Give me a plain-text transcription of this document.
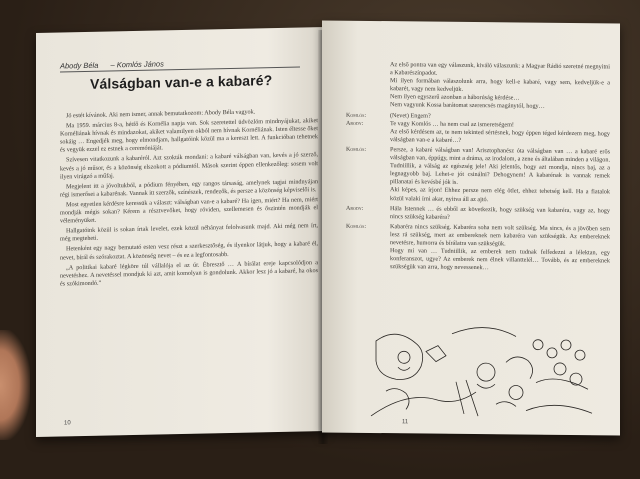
Abody Béla – Komlós János
Válságban van-e a kabaré?

Jó estét kívánok. Aki nem ismer, annak bemutatkozom: Abody Béla vagyok.

Ma 1959. március 8-a, hétfő és Kornélia napja van. Sok szeretettel üdvözlöm mindnyájukat, akiket Kornéliának hívnak és mindazokat, akiket valamilyen okból nem hívnak Kornéliának. Isten éltesse őket sokáig … Engedjék meg, hogy elmondjam, hallgatóink közül ma a kereszt lett. A funkcióban tehetnek és vegyük ezzel ez estnek a ceremóniáját.

Szívesen vitatkozunk a kabaréról. Azt szokták mondani: a kabaré válságban van, kevés a jó szerző, kevés a jó műsor, és a közönség elszokott a pódiumtól. Mások szerint éppen ellenkezőleg: sosem volt ilyen virágzó a műfaj.

Megjelent itt a jóvoltukból, a pódium fényében, egy rangos társaság, amelynek tagjai mindnyájan régi ismerősei a kabarénak. Vannak itt szerzők, színészek, rendezők, és persze a közönség képviselői is.

Most egyetlen kérdésre keressük a választ: válságban van-e a kabaré? Ha igen, miért? Ha nem, miért mondják mégis sokan? Kérem a résztvevőket, hogy röviden, szellemesen és őszintén mondják el véleményüket.

Hallgatóink közül is sokan írtak levelet, ezek közül néhányat felolvasunk majd. Aki még nem írt, még megteheti.

Hetenként egy nagy bemutató esten vesz részt a szerkesztőség, és ilyenkor látjuk, hogy a kabaré él, nevet, bírál és szórakoztat. A közönség nevet – és ez a legfontosabb.

„A politikai kabaré légköre túl vállalója el az úr. Ébresztő … A bírálat ereje kapcsolódjon a nevetéshez. A nevetéssel mondjuk ki azt, amit komolyan is gondolunk. Akkor lesz jó a kabaré, ha okos és szókimondó.”

10
Az első pontra van egy válaszunk, kiváló válaszunk: a Magyar Rádió szeretné megnyitni a Kabarészínpadot.
Mi ilyen formában válaszolunk arra, hogy kell-e kabaré, vagy sem, kedveljük-e a kabarét, vagy nem kedveljük.
Nem ilyen egyszerű azonban a háborúság kérdése…
Nem vagyunk Kossa barátomat szerencsés magánytól, hogy…
Komlós:	(Nevet) Engem?
Abody:	Te vagy Komlós … ha nem csal az ismeretségem!
Az első kérdésem az, te nem tekinted sértésnek, hogy éppen téged kérdezem meg, hogy válságban van-e a kabaré…?
Komlós:	Persze, a kabaré válságban van! Arisztophanész óta válságban van … a kabaré erős válságban van, éppúgy, mint a dráma, az irodalom, a zene és általában minden a világon. Tudniillik, a válság az egészség jele! Aki jelentős, hogy azt mondja, nincs baj, az a legnagyobb baj. Lehet-e jót csinálni? Dehogynem! A kabarénak is vannak remek pillanatai és kevésbé jók is.
Aki képes, az írjon! Ehhez persze nem elég ötlet, ehhez tehetség kell. Ha a fiatalok közül valaki írni akar, nyitva áll az ajtó.
Abody:	Hála Istennek … és ebből az következik, hogy szükség van kabaréra, vagy az, hogy nincs szükség kabaréra?
Komlós:	Kabaréra nincs szükség. Kabaréra soha nem volt szükség. Ma sincs, és a jövőben sem lesz rá szükség, mert az embereknek nem kabaréra van szükségük. Az embereknek nevetésre, humorra és bírálatra van szükségük.
Hogy mi van … Tudniillik, az emberek nem tudnak felfedezni a lélektan, egy konferanszot, ugye? Az emberek nem élnek villanttelél… Tovább, és az embereknek szükségük van arra, hogy nevessenek…
11
